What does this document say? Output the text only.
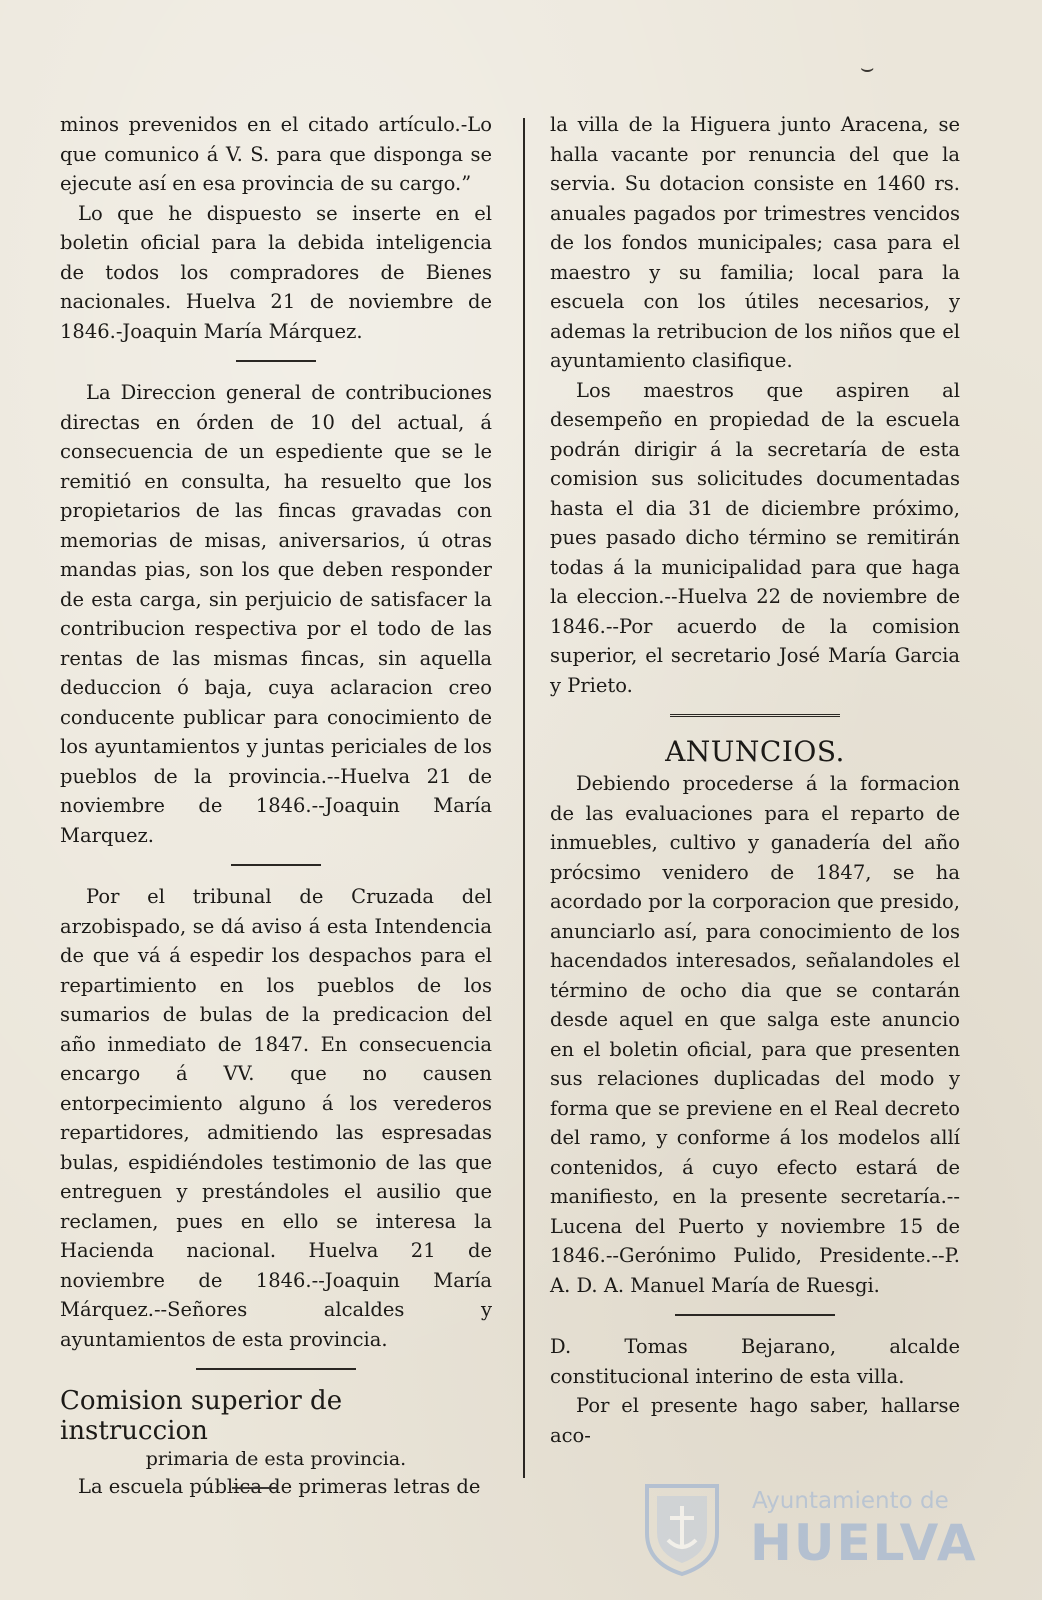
⌣

minos prevenidos en el citado artículo.-Lo que comunico á V. S. para que disponga se ejecute así en esa provincia de su cargo.”

Lo que he dispuesto se inserte en el boletin oficial para la debida inteligencia de todos los compradores de Bienes nacionales. Huelva 21 de noviembre de 1846.-Joaquin María Márquez.

La Direccion general de contribuciones directas en órden de 10 del actual, á consecuencia de un espediente que se le remitió en consulta, ha resuelto que los propietarios de las fincas gravadas con memorias de misas, aniversarios, ú otras mandas pias, son los que deben responder de esta carga, sin perjuicio de satisfacer la contribucion respectiva por el todo de las rentas de las mismas fincas, sin aquella deduccion ó baja, cuya aclaracion creo conducente publicar para conocimiento de los ayuntamientos y juntas periciales de los pueblos de la provincia.--Huelva 21 de noviembre de 1846.--Joaquin María Marquez.

Por el tribunal de Cruzada del arzobispado, se dá aviso á esta Intendencia de que vá á espedir los despachos para el repartimiento en los pueblos de los sumarios de bulas de la predicacion del año inmediato de 1847. En consecuencia encargo á VV. que no causen entorpecimiento alguno á los verederos repartidores, admitiendo las espresadas bulas, espidiéndoles testimonio de las que entreguen y prestándoles el ausilio que reclamen, pues en ello se interesa la Hacienda nacional. Huelva 21 de noviembre de 1846.--Joaquin María Márquez.--Señores alcaldes y ayuntamientos de esta provincia.

Comision superior de instruccion

primaria de esta provincia.

La escuela pública de primeras letras de

la villa de la Higuera junto Aracena, se halla vacante por renuncia del que la servia. Su dotacion consiste en 1460 rs. anuales pagados por trimestres vencidos de los fondos municipales; casa para el maestro y su familia; local para la escuela con los útiles necesarios, y ademas la retribucion de los niños que el ayuntamiento clasifique.

Los maestros que aspiren al desempeño en propiedad de la escuela podrán dirigir á la secretaría de esta comision sus solicitudes documentadas hasta el dia 31 de diciembre próximo, pues pasado dicho término se remitirán todas á la municipalidad para que haga la eleccion.--Huelva 22 de noviembre de 1846.--Por acuerdo de la comision superior, el secretario José María Garcia y Prieto.

ANUNCIOS.

Debiendo procederse á la formacion de las evaluaciones para el reparto de inmuebles, cultivo y ganadería del año prócsimo venidero de 1847, se ha acordado por la corporacion que presido, anunciarlo así, para conocimiento de los hacendados interesados, señalandoles el término de ocho dia que se contarán desde aquel en que salga este anuncio en el boletin oficial, para que presenten sus relaciones duplicadas del modo y forma que se previene en el Real decreto del ramo, y conforme á los modelos allí contenidos, á cuyo efecto estará de manifiesto, en la presente secretaría.--Lucena del Puerto y noviembre 15 de 1846.--Gerónimo Pulido, Presidente.--P. A. D. A. Manuel María de Ruesgi.

D. Tomas Bejarano, alcalde constitucional interino de esta villa.

Por el presente hago saber, hallarse aco-

Ayuntamiento de
HUELVA
